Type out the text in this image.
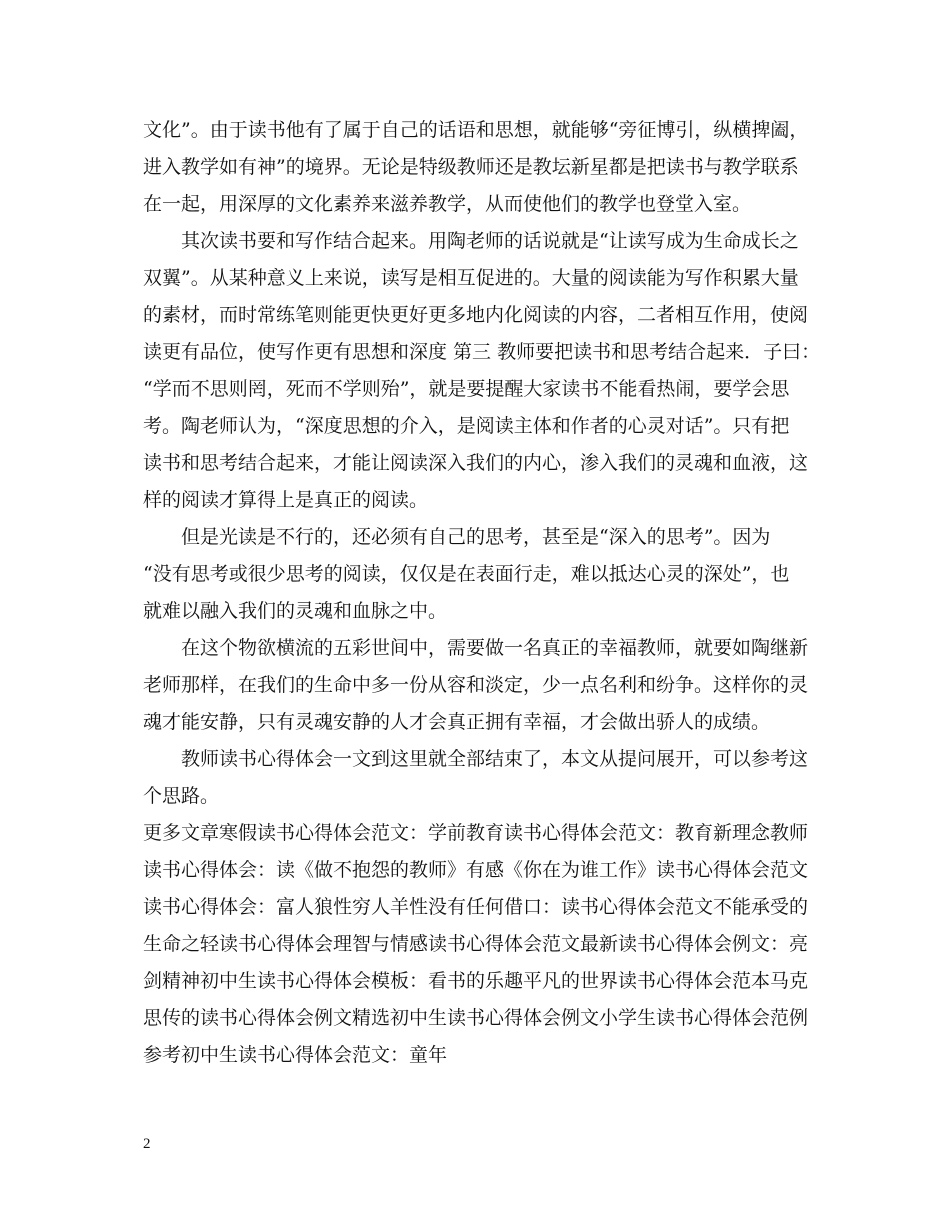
文化”。由于读书他有了属于自己的话语和思想，就能够“旁征博引，纵横捭阖，
进入教学如有神”的境界。无论是特级教师还是教坛新星都是把读书与教学联系
在一起，用深厚的文化素养来滋养教学，从而使他们的教学也登堂入室。
其次读书要和写作结合起来。用陶老师的话说就是“让读写成为生命成长之
双翼”。从某种意义上来说，读写是相互促进的。大量的阅读能为写作积累大量
的素材，而时常练笔则能更快更好更多地内化阅读的内容，二者相互作用，使阅
读更有品位，使写作更有思想和深度 第三 教师要把读书和思考结合起来．子曰：
“学而不思则罔，死而不学则殆”，就是要提醒大家读书不能看热闹，要学会思
考。陶老师认为，“深度思想的介入，是阅读主体和作者的心灵对话”。只有把
读书和思考结合起来，才能让阅读深入我们的内心，渗入我们的灵魂和血液，这
样的阅读才算得上是真正的阅读。
但是光读是不行的，还必须有自己的思考，甚至是“深入的思考”。因为
“没有思考或很少思考的阅读，仅仅是在表面行走，难以抵达心灵的深处”，也
就难以融入我们的灵魂和血脉之中。
在这个物欲横流的五彩世间中，需要做一名真正的幸福教师，就要如陶继新
老师那样，在我们的生命中多一份从容和淡定，少一点名利和纷争。这样你的灵
魂才能安静，只有灵魂安静的人才会真正拥有幸福，才会做出骄人的成绩。
教师读书心得体会一文到这里就全部结束了，本文从提问展开，可以参考这
个思路。
更多文章寒假读书心得体会范文：学前教育读书心得体会范文：教育新理念教师
读书心得体会：读《做不抱怨的教师》有感《你在为谁工作》读书心得体会范文
读书心得体会：富人狼性穷人羊性没有任何借口：读书心得体会范文不能承受的
生命之轻读书心得体会理智与情感读书心得体会范文最新读书心得体会例文：亮
剑精神初中生读书心得体会模板：看书的乐趣平凡的世界读书心得体会范本马克
思传的读书心得体会例文精选初中生读书心得体会例文小学生读书心得体会范例
参考初中生读书心得体会范文：童年
2
